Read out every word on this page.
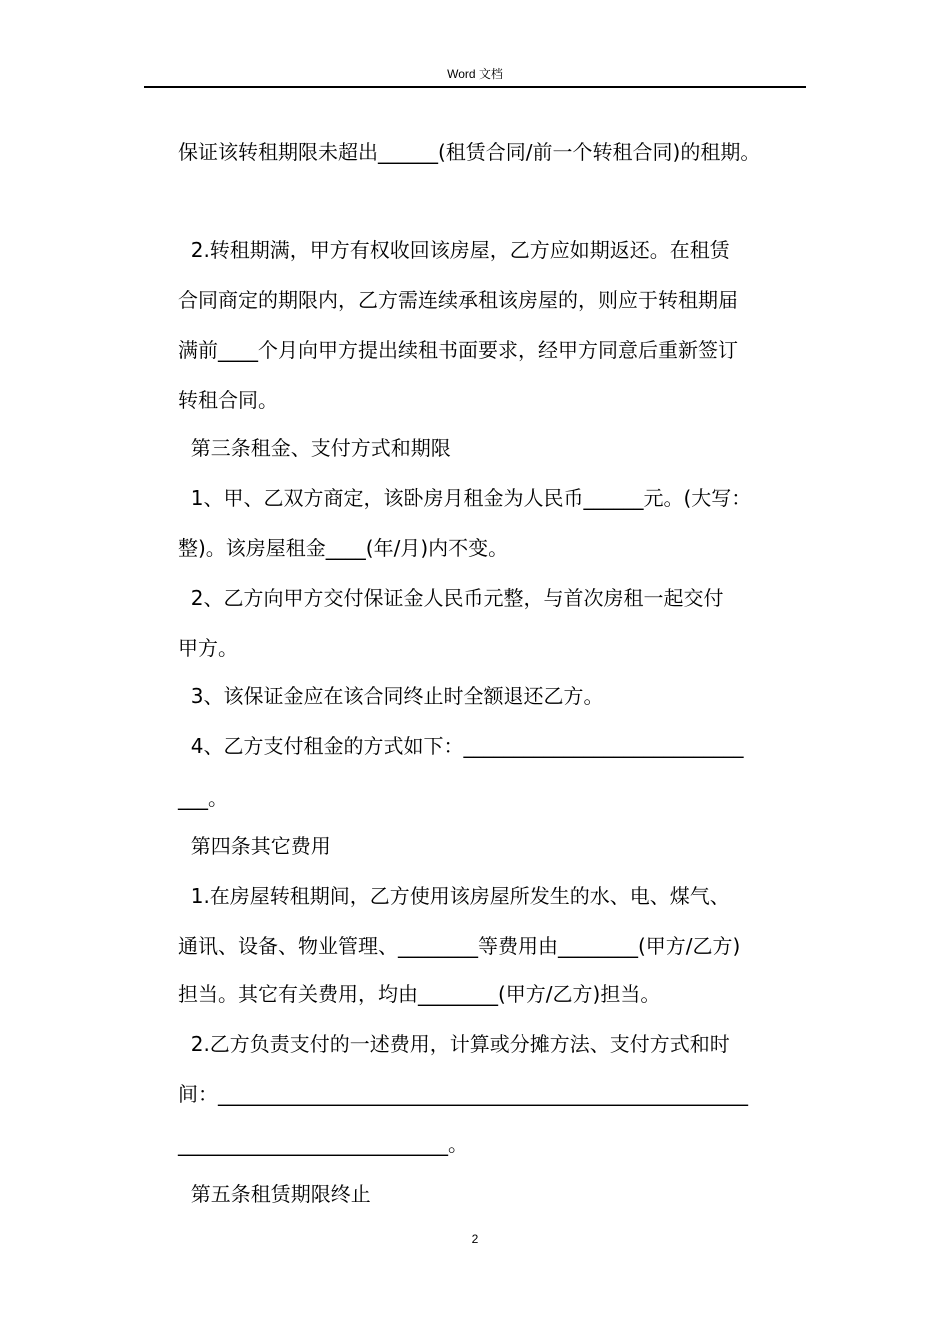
Word 文档
保证该转租期限未超出______(租赁合同/前一个转租合同)的租期。
2.转租期满，甲方有权收回该房屋，乙方应如期返还。在租赁
合同商定的期限内，乙方需连续承租该房屋的，则应于转租期届
满前____个月向甲方提出续租书面要求，经甲方同意后重新签订
转租合同。
第三条租金、支付方式和期限
1、甲、乙双方商定，该卧房月租金为人民币______元。(大写：
整)。该房屋租金____(年/月)内不变。
2、乙方向甲方交付保证金人民币元整，与首次房租一起交付
甲方。
3、该保证金应在该合同终止时全额退还乙方。
4、乙方支付租金的方式如下：____________________________
___。
第四条其它费用
1.在房屋转租期间，乙方使用该房屋所发生的水、电、煤气、
通讯、设备、物业管理、________等费用由________(甲方/乙方)
担当。其它有关费用，均由________(甲方/乙方)担当。
2.乙方负责支付的一述费用，计算或分摊方法、支付方式和时
间：_____________________________________________________
___________________________。
第五条租赁期限终止
2
